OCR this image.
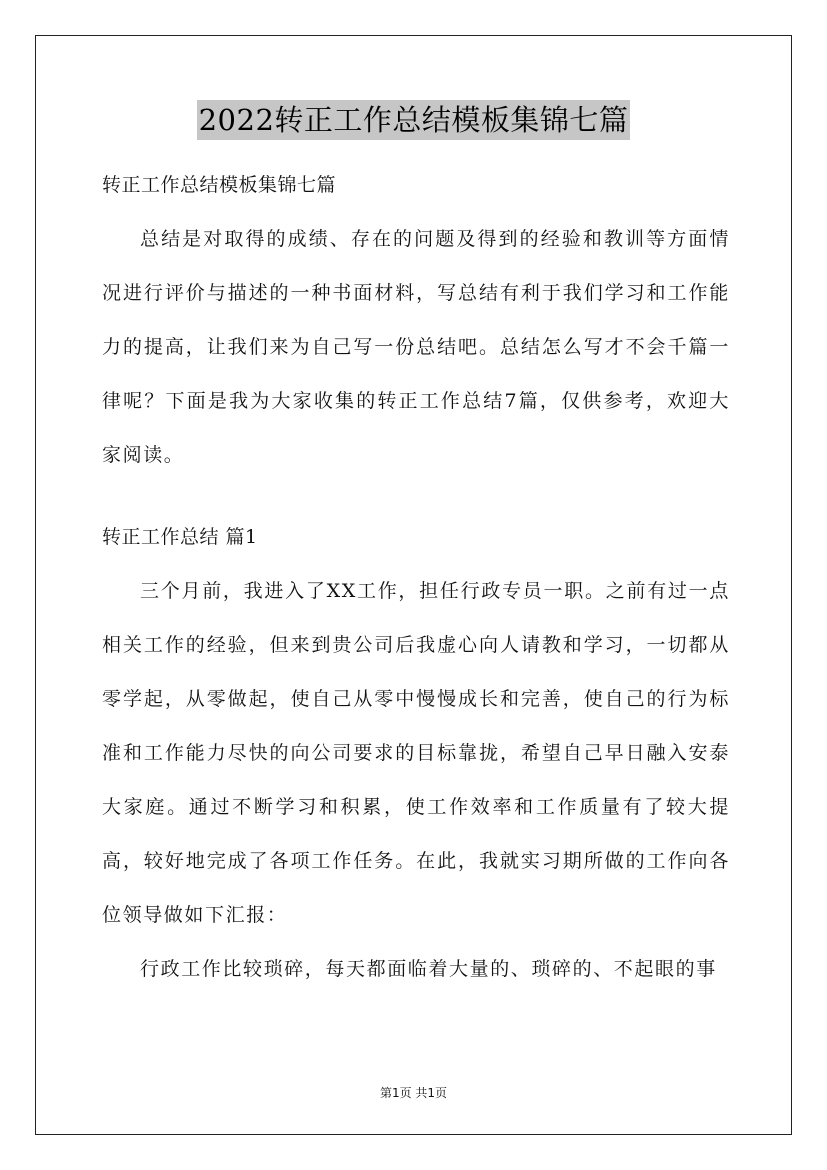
2022转正工作总结模板集锦七篇

转正工作总结模板集锦七篇

总结是对取得的成绩、存在的问题及得到的经验和教训等方面情况进行评价与描述的一种书面材料，写总结有利于我们学习和工作能力的提高，让我们来为自己写一份总结吧。总结怎么写才不会千篇一律呢？下面是我为大家收集的转正工作总结7篇，仅供参考，欢迎大家阅读。

转正工作总结 篇1

三个月前，我进入了XX工作，担任行政专员一职。之前有过一点相关工作的经验，但来到贵公司后我虚心向人请教和学习，一切都从零学起，从零做起，使自己从零中慢慢成长和完善，使自己的行为标准和工作能力尽快的向公司要求的目标靠拢，希望自己早日融入安泰大家庭。通过不断学习和积累，使工作效率和工作质量有了较大提高，较好地完成了各项工作任务。在此，我就实习期所做的工作向各位领导做如下汇报：

行政工作比较琐碎，每天都面临着大量的、琐碎的、不起眼的事

第1页 共1页
